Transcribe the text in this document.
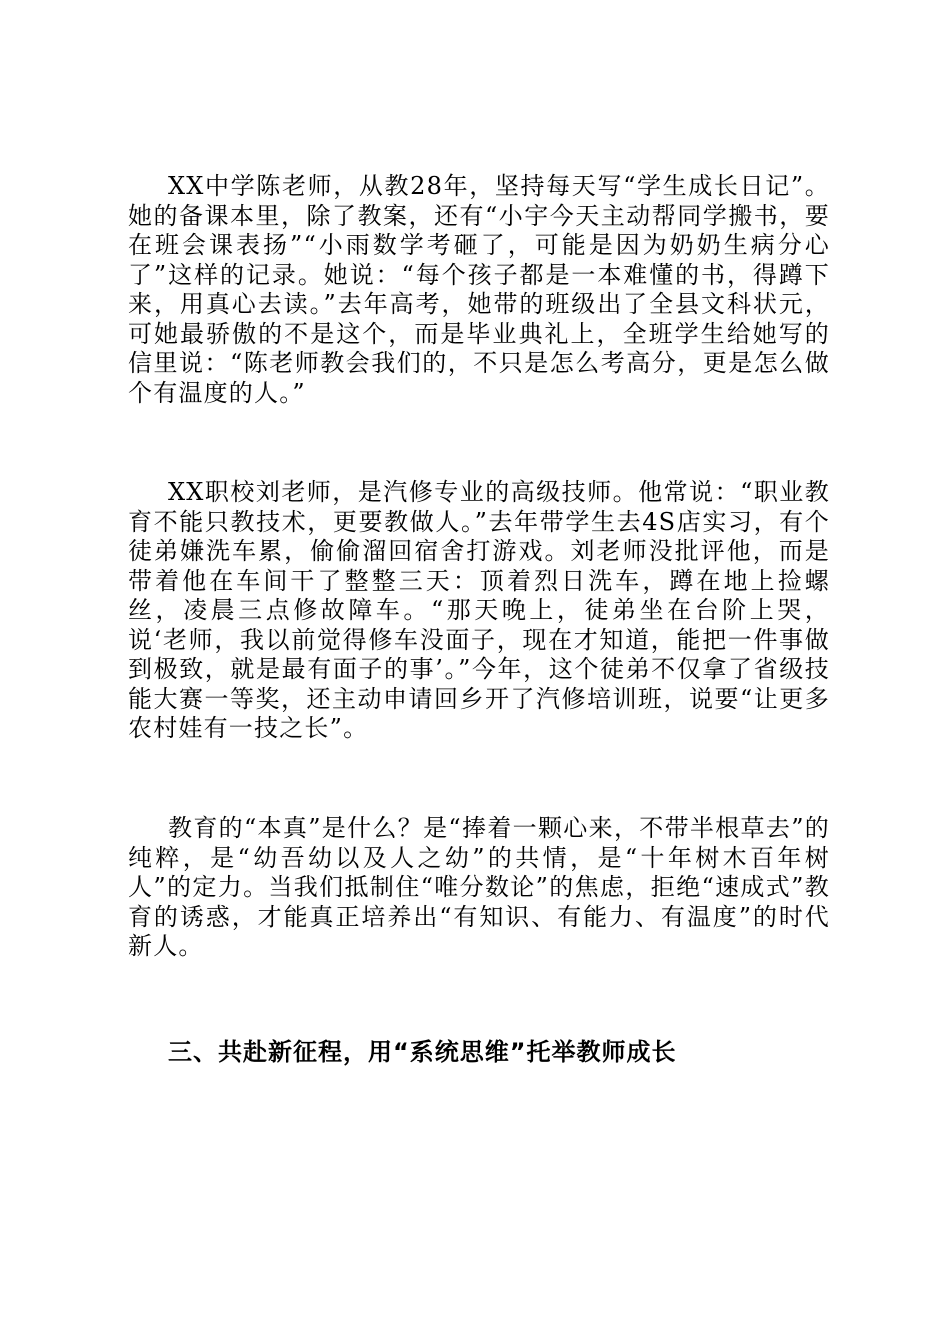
XX中学陈老师，从教28年，坚持每天写“学生成长日记”。她的备课本里，除了教案，还有“小宇今天主动帮同学搬书，要在班会课表扬”“小雨数学考砸了，可能是因为奶奶生病分心了”这样的记录。她说：“每个孩子都是一本难懂的书，得蹲下来，用真心去读。”去年高考，她带的班级出了全县文科状元，可她最骄傲的不是这个，而是毕业典礼上，全班学生给她写的信里说：“陈老师教会我们的，不只是怎么考高分，更是怎么做个有温度的人。”

XX职校刘老师，是汽修专业的高级技师。他常说：“职业教育不能只教技术，更要教做人。”去年带学生去4S店实习，有个徒弟嫌洗车累，偷偷溜回宿舍打游戏。刘老师没批评他，而是带着他在车间干了整整三天：顶着烈日洗车，蹲在地上捡螺丝，凌晨三点修故障车。“那天晚上，徒弟坐在台阶上哭，说‘老师，我以前觉得修车没面子，现在才知道，能把一件事做到极致，就是最有面子的事’。”今年，这个徒弟不仅拿了省级技能大赛一等奖，还主动申请回乡开了汽修培训班，说要“让更多农村娃有一技之长”。

教育的“本真”是什么？是“捧着一颗心来，不带半根草去”的纯粹，是“幼吾幼以及人之幼”的共情，是“十年树木百年树人”的定力。当我们抵制住“唯分数论”的焦虑，拒绝“速成式”教育的诱惑，才能真正培养出“有知识、有能力、有温度”的时代新人。

三、共赴新征程，用“系统思维”托举教师成长
